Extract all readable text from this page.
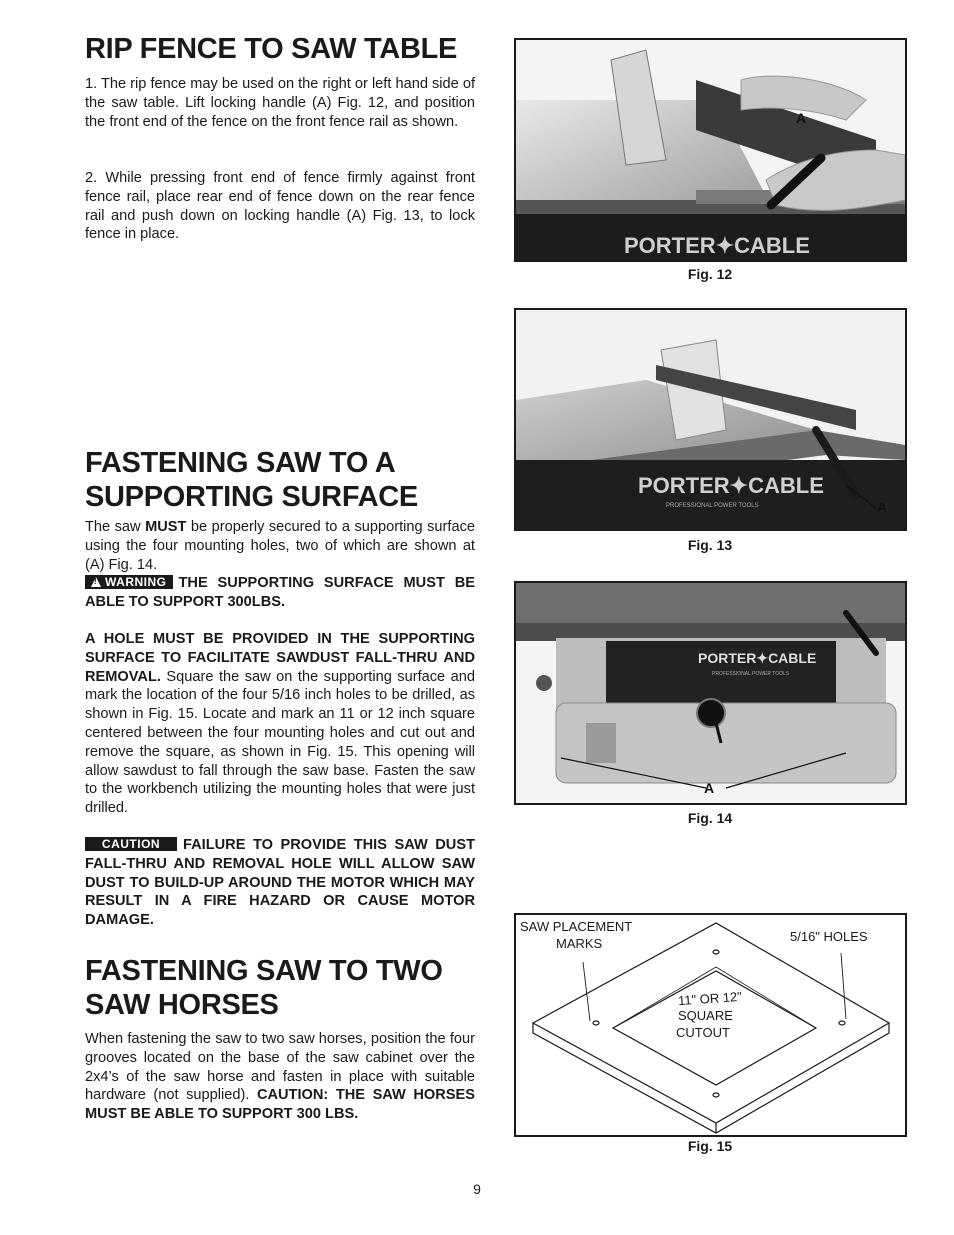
RIP FENCE TO SAW TABLE

1. The rip fence may be used on the right or left hand side of the saw table. Lift locking handle (A) Fig. 12, and position the front end of the fence on the front fence rail as shown.

2. While pressing front end of fence firmly against front fence rail, place rear end of fence down on the rear fence rail and push down on locking handle (A) Fig. 13, to lock fence in place.

FASTENING SAW TO A
SUPPORTING SURFACE

The saw MUST be properly secured to a supporting surface using the four mounting holes, two of which are shown at (A) Fig. 14.

!WARNING THE SUPPORTING SURFACE MUST BE ABLE TO SUPPORT 300LBS.

A HOLE MUST BE PROVIDED IN THE SUPPORTING SURFACE TO FACILITATE SAWDUST FALL-THRU AND REMOVAL. Square the saw on the supporting surface and mark the location of the four 5/16 inch holes to be drilled, as shown in Fig. 15. Locate and mark an 11 or 12 inch square centered between the four mounting holes and cut out and remove the square, as shown in Fig. 15. This opening will allow sawdust to fall through the saw base. Fasten the saw to the workbench utilizing the mounting holes that were just drilled.

CAUTION FAILURE TO PROVIDE THIS SAW DUST FALL-THRU AND REMOVAL HOLE WILL ALLOW SAW DUST TO BUILD-UP AROUND THE MOTOR WHICH MAY RESULT IN A FIRE HAZARD OR CAUSE MOTOR DAMAGE.

FASTENING SAW TO TWO
SAW HORSES

When fastening the saw to two saw horses, position the four grooves located on the base of the saw cabinet over the 2x4’s of the saw horse and fasten in place with suitable hardware (not supplied). CAUTION: THE SAW HORSES MUST BE ABLE TO SUPPORT 300 LBS.

PORTER✦CABLE
A
Fig. 12
PORTER✦CABLE
PROFESSIONAL POWER TOOLS	A
Fig. 13
PORTER✦CABLE
PROFESSIONAL POWER TOOLS
A
Fig. 14
SAW PLACEMENT
MARKS	5/16" HOLES
11" OR 12"
SQUARE
CUTOUT
Fig. 15
9
